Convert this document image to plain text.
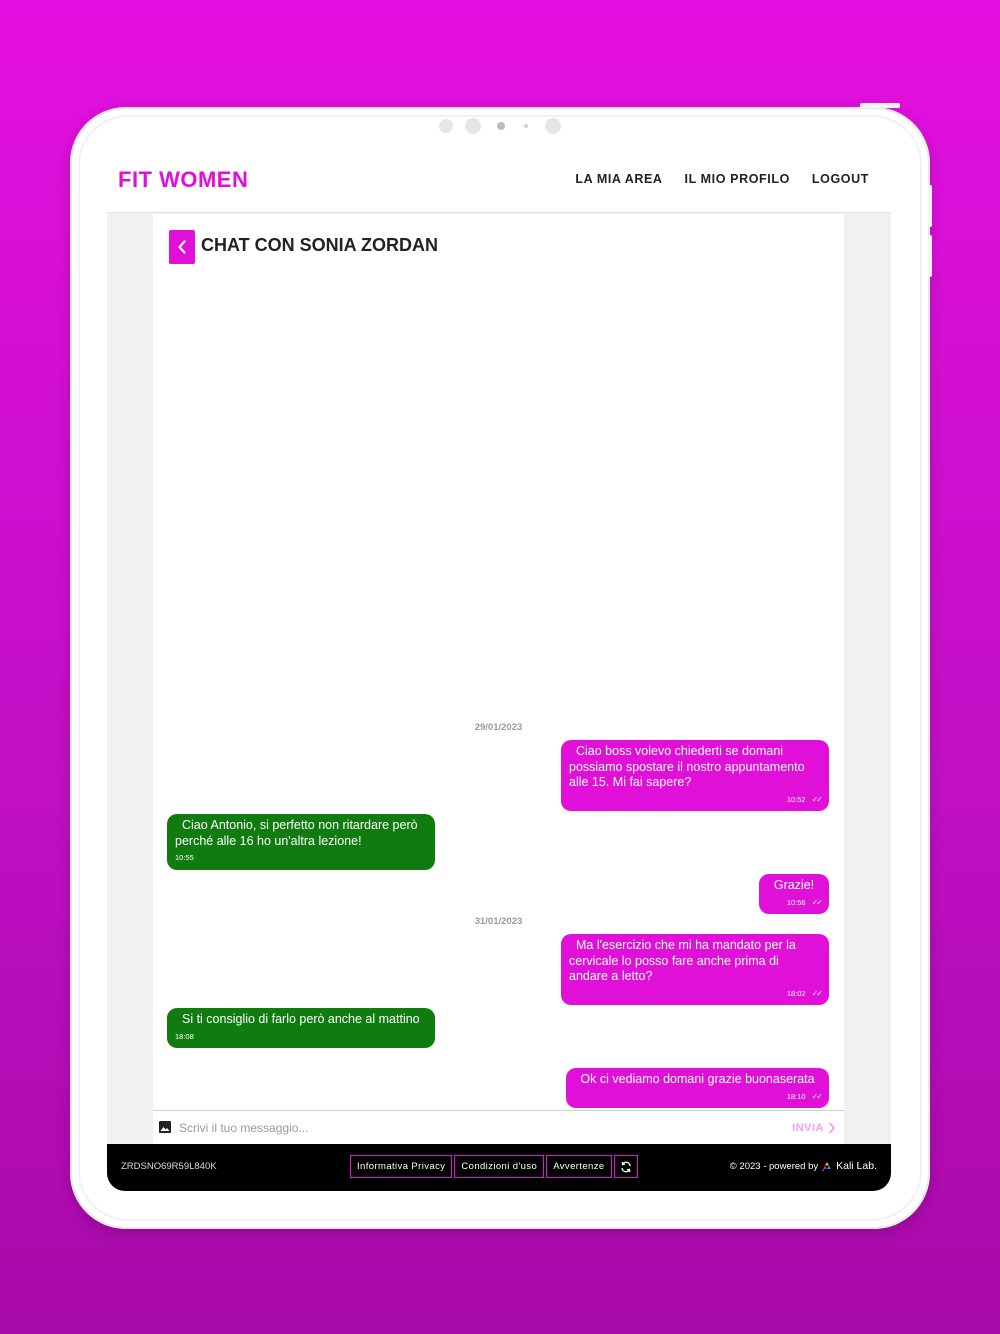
FIT WOMEN	LA MIA AREA IL MIO PROFILO LOGOUT
CHAT CON SONIA ZORDAN
29/01/2023
Ciao boss volevo chiederti se domani possiamo spostare il nostro appuntamento alle 15. Mi fai sapere?
10:52 ✓✓
Ciao Antonio, si perfetto non ritardare però perché alle 16 ho un'altra lezione!
10:55
Grazie!
10:56 ✓✓
31/01/2023
Ma l'esercizio che mi ha mandato per la cervicale lo posso fare anche prima di andare a letto?
18:02 ✓✓
Si ti consiglio di farlo però anche al mattino
18:08
Ok ci vediamo domani grazie buonaserata
18:10 ✓✓
Scrivi il tuo messaggio...
INVIA
ZRDSNO69R59L840K	Informativa Privacy	Condizioni d'uso	Avvertenze	© 2023 - powered by Kali Lab.
